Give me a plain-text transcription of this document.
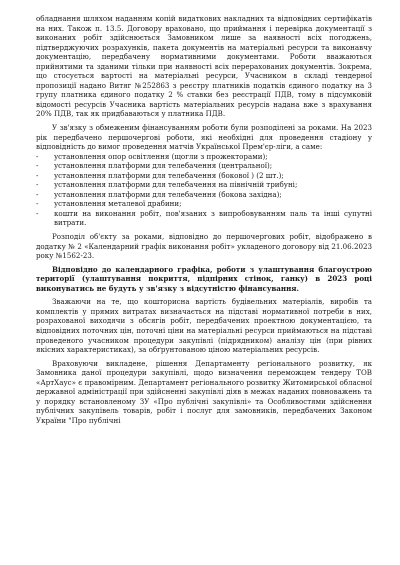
обладнання шляхом наданням копій видаткових накладних та відповідних сертифікатів на них. Також п. 13.5. Договору враховано, що приймання і перевірка документації з виконаних робіт здійснюється Замовником лише за наявності всіх погоджень, підтверджуючих розрахунків, пакета документів на матеріальні ресурси та виконавчу документацію, передбачену нормативними документами. Роботи вважаються прийнятими та зданими тільки при наявності всіх перерахованих документів. Зокрема, що стосується вартості на матеріальні ресурси, Учасником в складі тендерної пропозиції надано Витяг №252863 з реєстру платників податків єдиного податку на 3 групу платника єдиного податку 2 % ставки без реєстрації ПДВ, тому в підсумковій відомості ресурсів Учасника вартість матеріальних ресурсів надана вже з врахування 20% ПДВ, так як придбаваються у платника ПДВ.

У зв'язку з обмеженим фінансуванням роботи були розподілені за роками. На 2023 рік передбачено першочергові роботи, які необхідні для проведення стадіону у відповідність до вимог проведення матчів Української Прем'єр-ліги, а саме:

- установлення опор освітлення (щогли з прожекторами);
- установлення платформи для телебачення (центральної);
- установлення платформи для телебачення (бокової ) (2 шт.);
- установлення платформи для телебачення на північній трибуні;
- установлення платформи для телебачення (бокова західна);
- установлення металевої драбини;
- кошти на виконання робіт, пов'язаних з випробовуванням паль та інші супутні витрати.

Розподіл об'єкту за роками, відповідно до першочергових робіт, відображено в додатку № 2 «Календарний графік виконання робіт» укладеного договору від 21.06.2023 року №1562-23.

Відповідно до календарного графіка, роботи з улаштування благоустрою території (улаштування покриття, підпірних стінок, ганку) в 2023 році виконуватись не будуть у зв'язку з відсутністю фінансування.

Зважаючи на те, що кошторисна вартість будівельних матеріалів, виробів та комплектів у прямих витратах визначається на підставі нормативної потреби в них, розрахованої виходячи з обсягів робіт, передбачених проектною документацією, та відповідних поточних цін, поточні ціни на матеріальні ресурси приймаються на підставі проведеного учасником процедури закупівлі (підрядником) аналізу цін (при рівних якісних характеристиках), за обґрунтованою ціною матеріальних ресурсів.

Враховуючи викладене, рішення Департаменту регіонального розвитку, як Замовника даної процедури закупівлі, щодо визначення переможцем тендеру ТОВ «АртХаус» є правомірним. Департамент регіонального розвитку Житомирської обласної державної адміністрації при здійсненні закупівлі діяв в межах наданих повноважень та у порядку встановленому ЗУ «Про публічні закупівлі» та Особливостями здійснення публічних закупівель товарів, робіт і послуг для замовників, передбачених Законом України "Про публічні
